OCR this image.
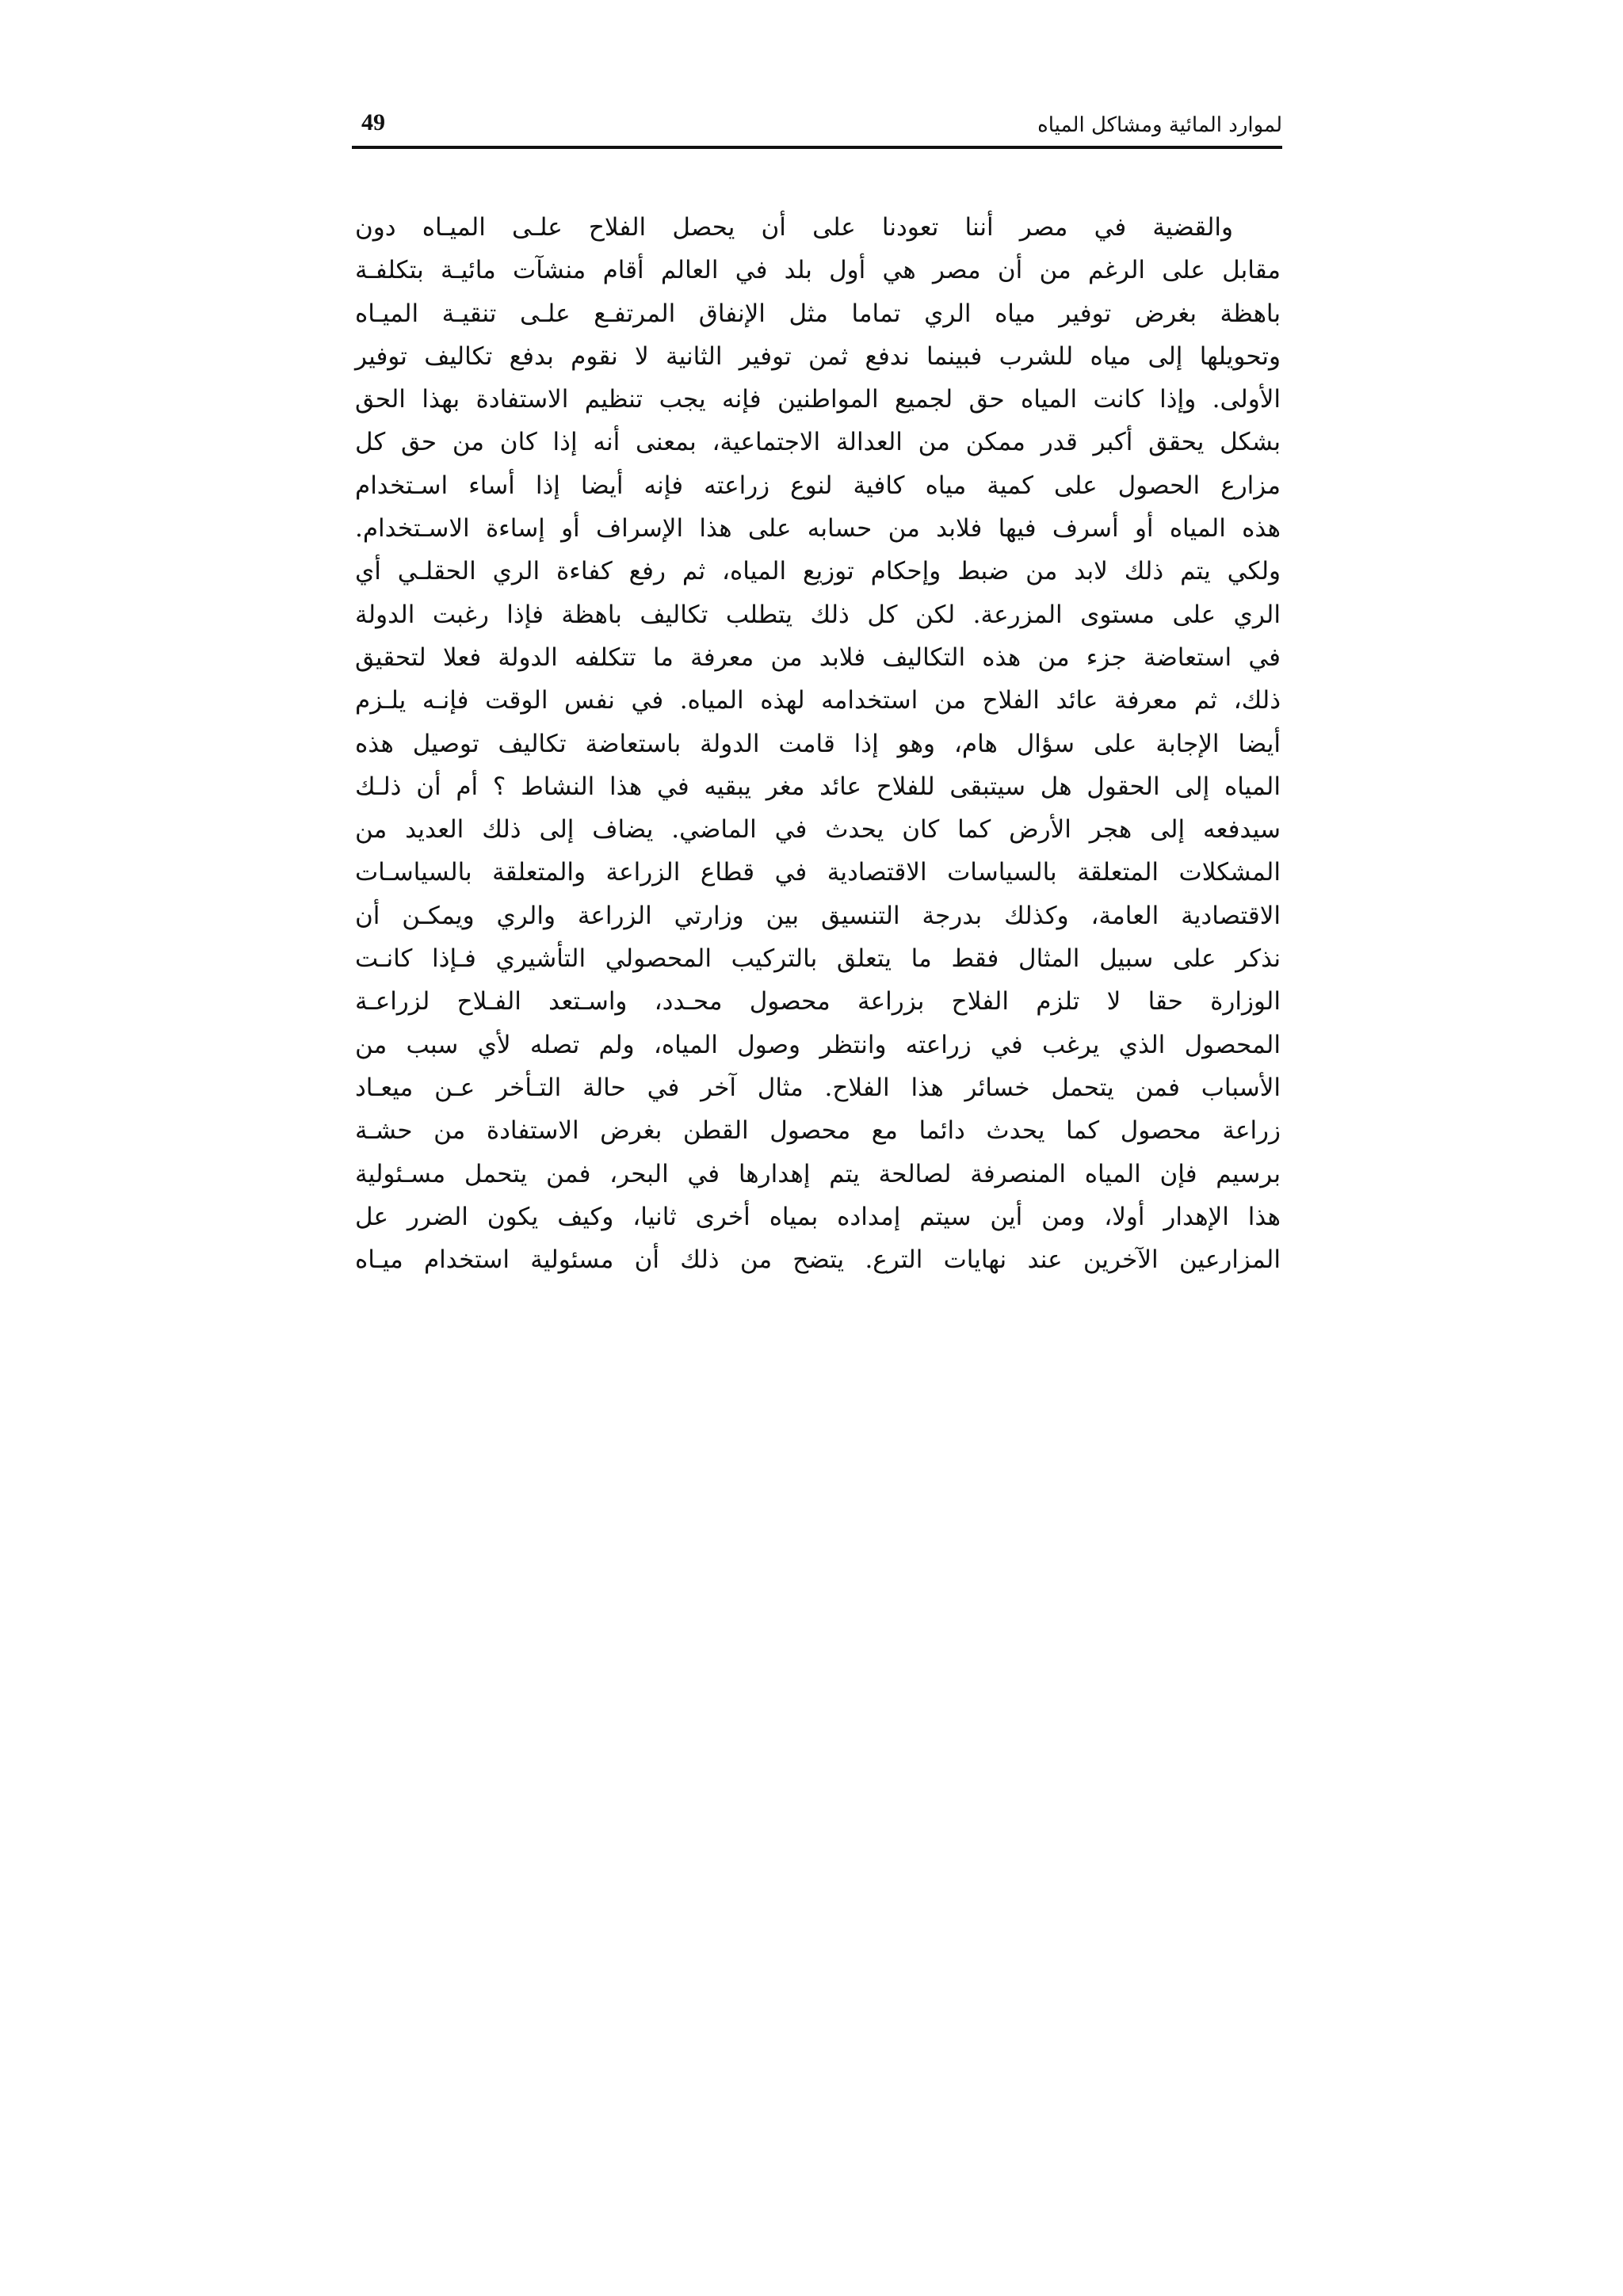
لموارد المائية ومشاكل المياه
49
والقضية في مصر أننا تعودنا على أن يحصل الفلاح علـى الميـاه دون
مقابل على الرغم من أن مصر هي أول بلد في العالم أقام منشآت مائيـة بتكلفـة
باهظة بغرض توفير مياه الري تماما مثل الإنفاق المرتفـع علـى تنقيـة الميـاه
وتحويلها إلى مياه للشرب فبينما ندفع ثمن توفير الثانية لا نقوم بدفع تكاليف توفير
الأولى. وإذا كانت المياه حق لجميع المواطنين فإنه يجب تنظيم الاستفادة بهذا الحق
بشكل يحقق أكبر قدر ممكن من العدالة الاجتماعية، بمعنى أنه إذا كان من حق كل
مزارع الحصول على كمية مياه كافية لنوع زراعته فإنه أيضا إذا أساء اسـتخدام
هذه المياه أو أسرف فيها فلابد من حسابه على هذا الإسراف أو إساءة الاسـتخدام.
ولكي يتم ذلك لابد من ضبط وإحكام توزيع المياه، ثم رفع كفاءة الري الحقلـي أي
الري على مستوى المزرعة. لكن كل ذلك يتطلب تكاليف باهظة فإذا رغبت الدولة
في استعاضة جزء من هذه التكاليف فلابد من معرفة ما تتكلفه الدولة فعلا لتحقيق
ذلك، ثم معرفة عائد الفلاح من استخدامه لهذه المياه. في نفس الوقت فإنـه يلـزم
أيضا الإجابة على سؤال هام، وهو إذا قامت الدولة باستعاضة تكاليف توصيل هذه
المياه إلى الحقول هل سيتبقى للفلاح عائد مغر يبقيه في هذا النشاط ؟ أم أن ذلـك
سيدفعه إلى هجر الأرض كما كان يحدث في الماضي. يضاف إلى ذلك العديد من
المشكلات المتعلقة بالسياسات الاقتصادية في قطاع الزراعة والمتعلقة بالسياسـات
الاقتصادية العامة، وكذلك بدرجة التنسيق بين وزارتي الزراعة والري ويمكـن أن
نذكر على سبيل المثال فقط ما يتعلق بالتركيب المحصولي التأشيري فـإذا كانـت
الوزارة حقا لا تلزم الفلاح بزراعة محصول محـدد، واسـتعد الفـلاح لزراعـة
المحصول الذي يرغب في زراعته وانتظر وصول المياه، ولم تصله لأي سبب من
الأسباب فمن يتحمل خسائر هذا الفلاح. مثال آخر في حالة التـأخر عـن ميعـاد
زراعة محصول كما يحدث دائما مع محصول القطن بغرض الاستفادة من حشـة
برسيم فإن المياه المنصرفة لصالحة يتم إهدارها في البحر، فمن يتحمل مسـئولية
هذا الإهدار أولا، ومن أين سيتم إمداده بمياه أخرى ثانيا، وكيف يكون الضرر عل
المزارعين الآخرين عند نهايات الترع. يتضح من ذلك أن مسئولية استخدام ميـاه
